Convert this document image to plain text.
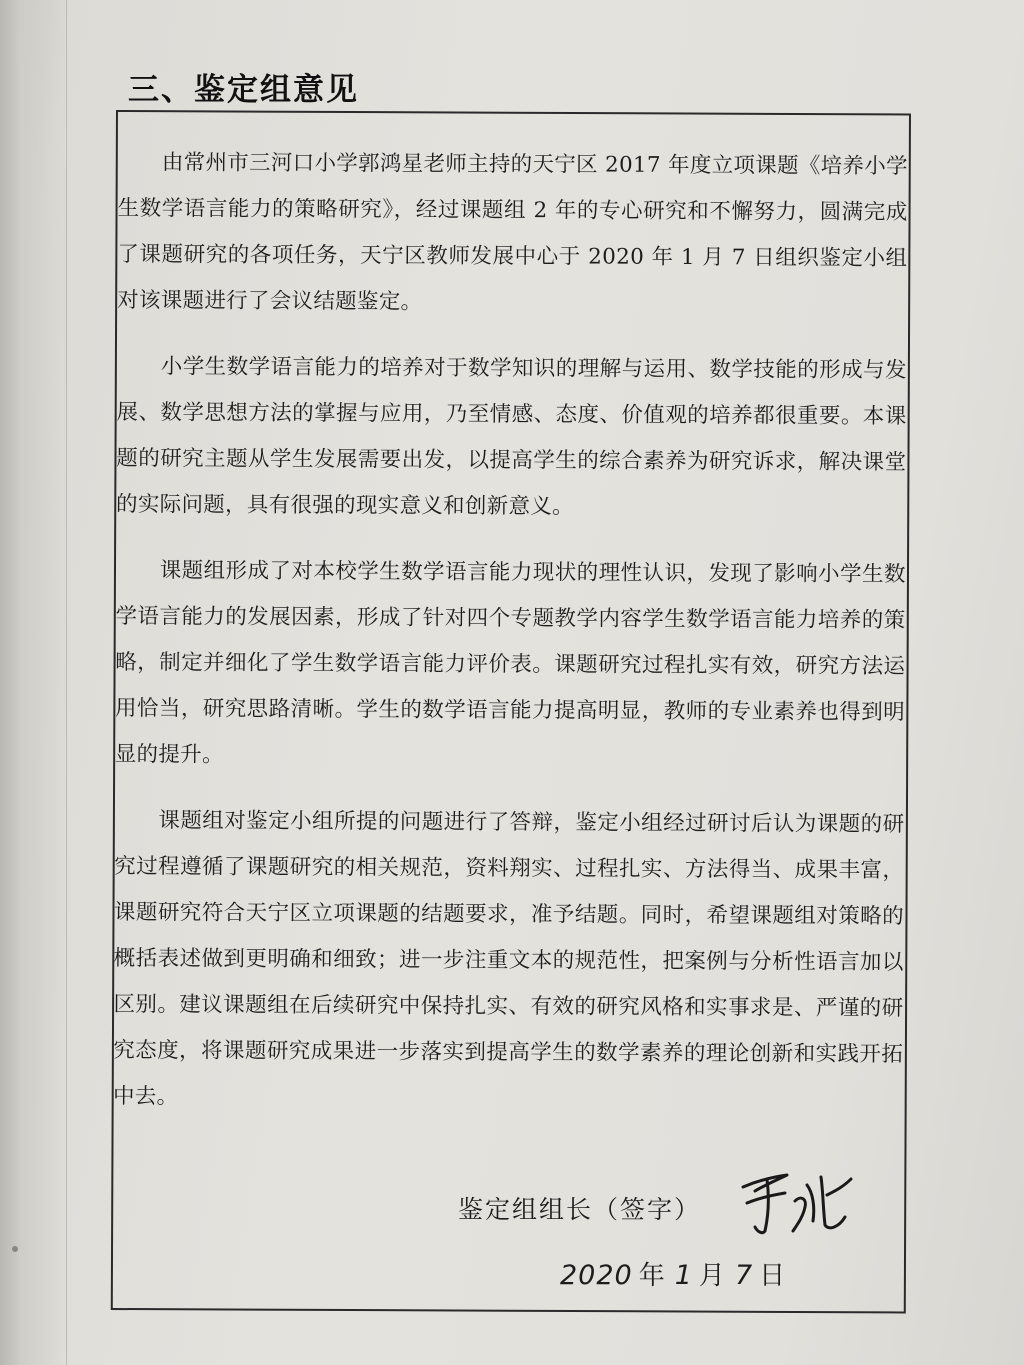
三、鉴定组意见

由常州市三河口小学郭鸿星老师主持的天宁区 2017 年度立项课题《培养小学生数学语言能力的策略研究》，经过课题组 2 年的专心研究和不懈努力，圆满完成了课题研究的各项任务，天宁区教师发展中心于 2020 年 1 月 7 日组织鉴定小组对该课题进行了会议结题鉴定。

小学生数学语言能力的培养对于数学知识的理解与运用、数学技能的形成与发展、数学思想方法的掌握与应用，乃至情感、态度、价值观的培养都很重要。本课题的研究主题从学生发展需要出发，以提高学生的综合素养为研究诉求，解决课堂的实际问题，具有很强的现实意义和创新意义。

课题组形成了对本校学生数学语言能力现状的理性认识，发现了影响小学生数学语言能力的发展因素，形成了针对四个专题教学内容学生数学语言能力培养的策略，制定并细化了学生数学语言能力评价表。课题研究过程扎实有效，研究方法运用恰当，研究思路清晰。学生的数学语言能力提高明显，教师的专业素养也得到明显的提升。

课题组对鉴定小组所提的问题进行了答辩，鉴定小组经过研讨后认为课题的研究过程遵循了课题研究的相关规范，资料翔实、过程扎实、方法得当、成果丰富，课题研究符合天宁区立项课题的结题要求，准予结题。同时，希望课题组对策略的概括表述做到更明确和细致；进一步注重文本的规范性，把案例与分析性语言加以区别。建议课题组在后续研究中保持扎实、有效的研究风格和实事求是、严谨的研究态度，将课题研究成果进一步落实到提高学生的数学素养的理论创新和实践开拓中去。

鉴定组组长（签字）
2020 年 1 月 7 日
